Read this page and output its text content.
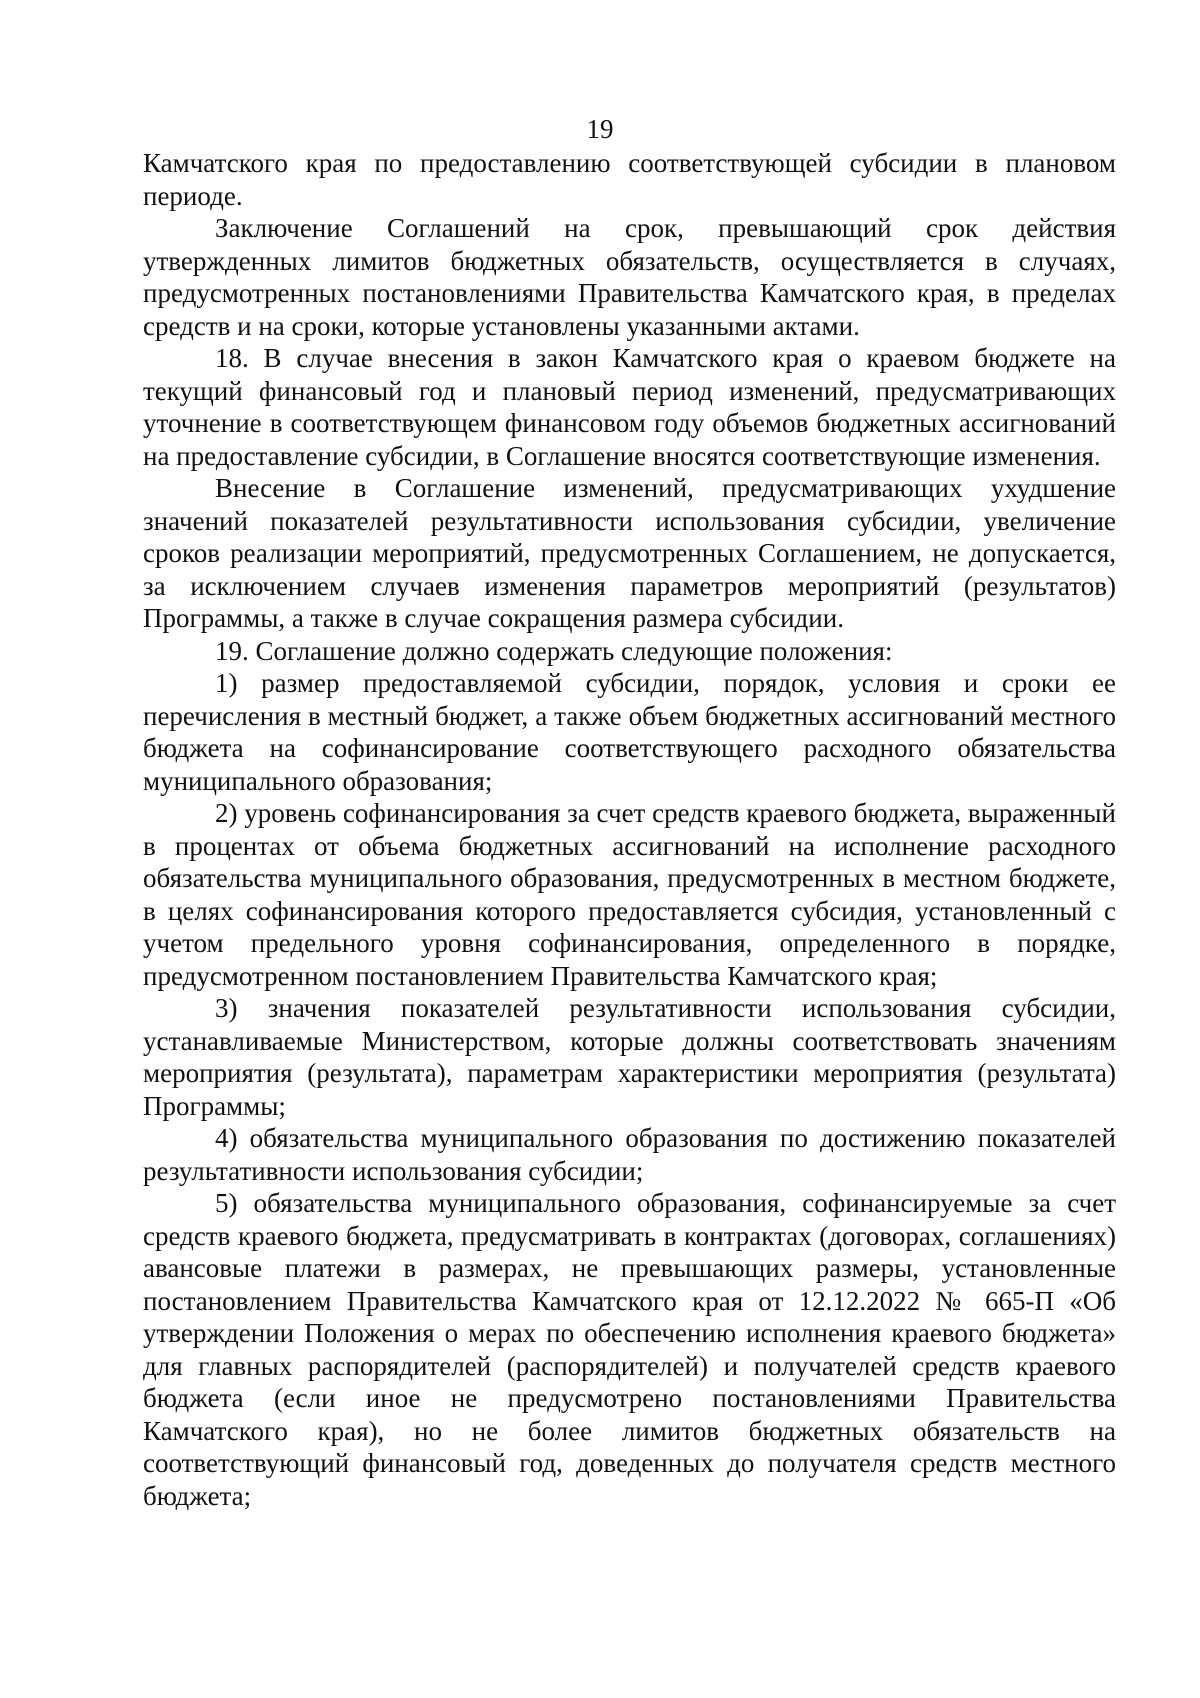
19

Камчатского края по предоставлению соответствующей субсидии в плановом периоде.

Заключение Соглашений на срок, превышающий срок действия утвержденных лимитов бюджетных обязательств, осуществляется в случаях, предусмотренных постановлениями Правительства Камчатского края, в пределах средств и на сроки, которые установлены указанными актами.

18. В случае внесения в закон Камчатского края о краевом бюджете на текущий финансовый год и плановый период изменений, предусматривающих уточнение в соответствующем финансовом году объемов бюджетных ассигнований на предоставление субсидии, в Соглашение вносятся соответствующие изменения.

Внесение в Соглашение изменений, предусматривающих ухудшение значений показателей результативности использования субсидии, увеличение сроков реализации мероприятий, предусмотренных Соглашением, не допускается, за исключением случаев изменения параметров мероприятий (результатов) Программы, а также в случае сокращения размера субсидии.

19. Соглашение должно содержать следующие положения:

1) размер предоставляемой субсидии, порядок, условия и сроки ее перечисления в местный бюджет, а также объем бюджетных ассигнований местного бюджета на софинансирование соответствующего расходного обязательства муниципального образования;

2) уровень софинансирования за счет средств краевого бюджета, выраженный в процентах от объема бюджетных ассигнований на исполнение расходного обязательства муниципального образования, предусмотренных в местном бюджете, в целях софинансирования которого предоставляется субсидия, установленный с учетом предельного уровня софинансирования, определенного в порядке, предусмотренном постановлением Правительства Камчатского края;

3) значения показателей результативности использования субсидии, устанавливаемые Министерством, которые должны соответствовать значениям мероприятия (результата), параметрам характеристики мероприятия (результата) Программы;

4) обязательства муниципального образования по достижению показателей результативности использования субсидии;

5) обязательства муниципального образования, софинансируемые за счет средств краевого бюджета, предусматривать в контрактах (договорах, соглашениях) авансовые платежи в размерах, не превышающих размеры, установленные постановлением Правительства Камчатского края от 12.12.2022 № 665-П «Об утверждении Положения о мерах по обеспечению исполнения краевого бюджета» для главных распорядителей (распорядителей) и получателей средств краевого бюджета (если иное не предусмотрено постановлениями Правительства Камчатского края), но не более лимитов бюджетных обязательств на соответствующий финансовый год, доведенных до получателя средств местного бюджета;
